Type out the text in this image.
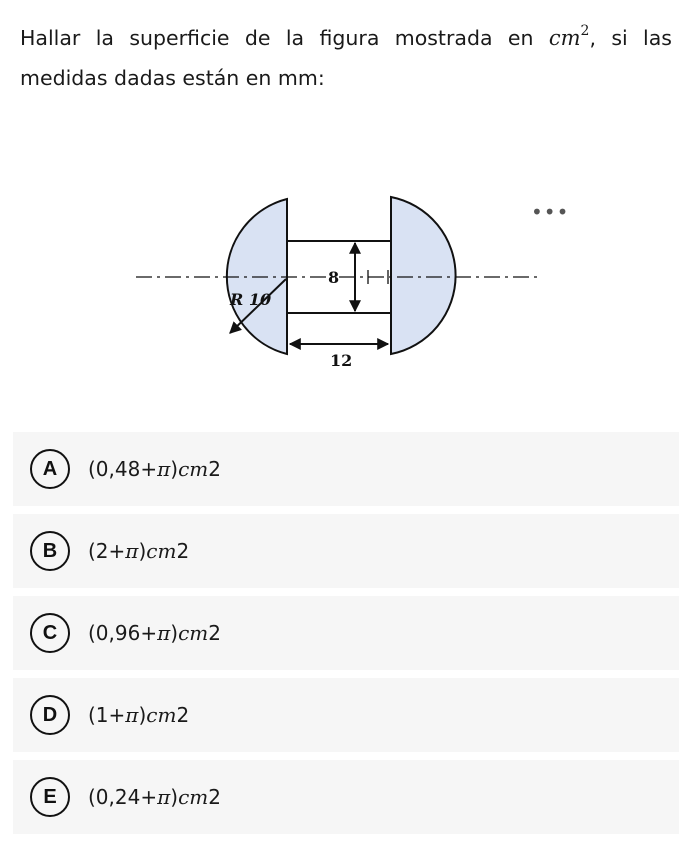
Hallar la superficie de la figura mostrada en $cm^2$, si las medidas dadas están en mm:
8
12
R 10
•••
A	(0,48+ π ) cm 2
B	(2+ π ) cm 2
C	(0,96+ π ) cm 2
D	(1+ π ) cm 2
E	(0,24+ π ) cm 2
